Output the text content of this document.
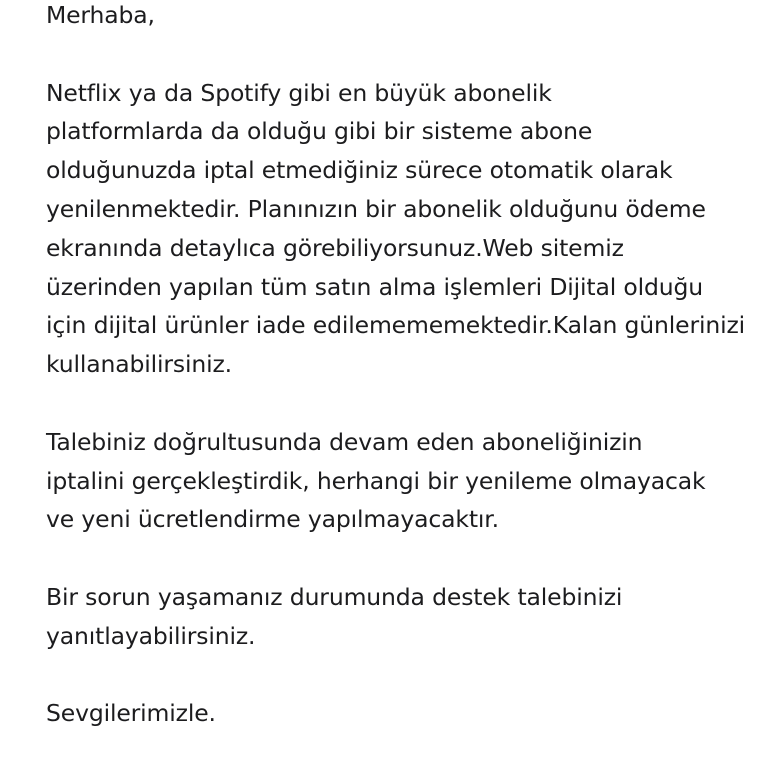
Merhaba,
Netflix ya da Spotify gibi en büyük abonelik
platformlarda da olduğu gibi bir sisteme abone
olduğunuzda iptal etmediğiniz sürece otomatik olarak
yenilenmektedir. Planınızın bir abonelik olduğunu ödeme
ekranında detaylıca görebiliyorsunuz.Web sitemiz
üzerinden yapılan tüm satın alma işlemleri Dijital olduğu
için dijital ürünler iade edilemememektedir.Kalan günlerinizi
kullanabilirsiniz.
Talebiniz doğrultusunda devam eden aboneliğinizin
iptalini gerçekleştirdik, herhangi bir yenileme olmayacak
ve yeni ücretlendirme yapılmayacaktır.
Bir sorun yaşamanız durumunda destek talebinizi
yanıtlayabilirsiniz.
Sevgilerimizle.
